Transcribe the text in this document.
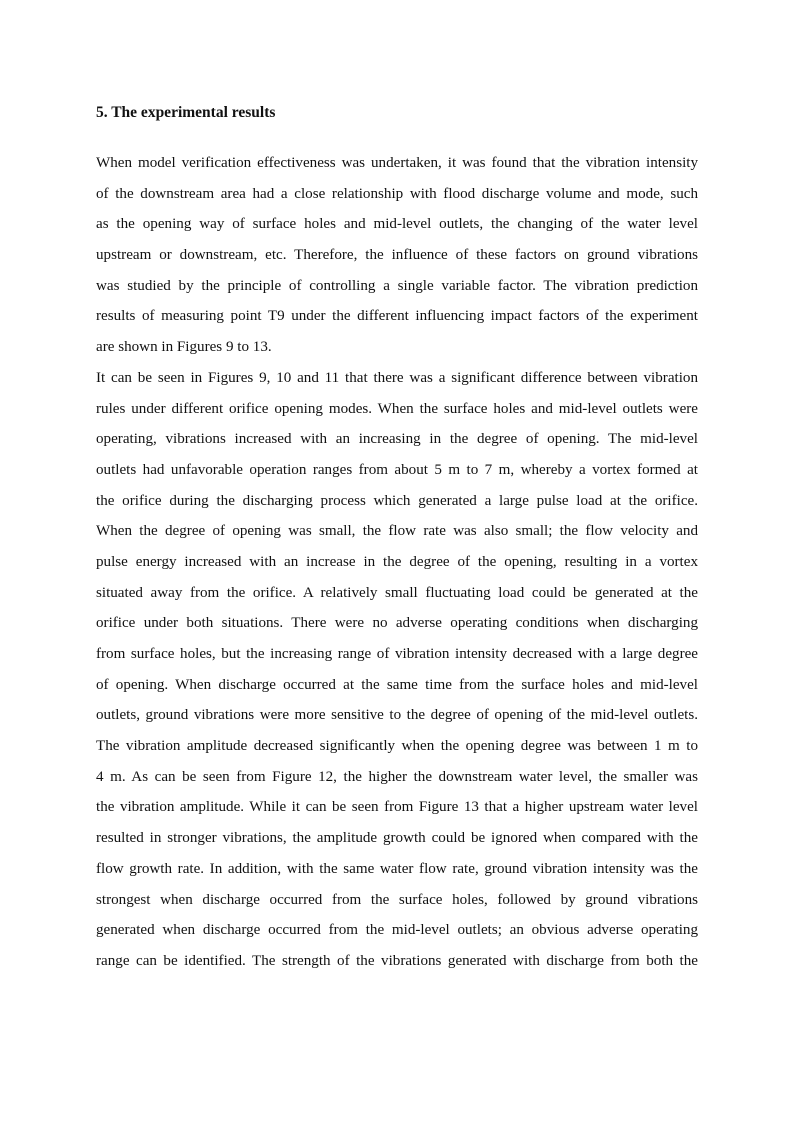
5. The experimental results
When model verification effectiveness was undertaken, it was found that the vibration intensity
of the downstream area had a close relationship with flood discharge volume and mode, such
as the opening way of surface holes and mid-level outlets, the changing of the water level
upstream or downstream, etc. Therefore, the influence of these factors on ground vibrations
was studied by the principle of controlling a single variable factor. The vibration prediction
results of measuring point T9 under the different influencing impact factors of the experiment
are shown in Figures 9 to 13.
It can be seen in Figures 9, 10 and 11 that there was a significant difference between vibration
rules under different orifice opening modes. When the surface holes and mid-level outlets were
operating, vibrations increased with an increasing in the degree of opening. The mid-level
outlets had unfavorable operation ranges from about 5 m to 7 m, whereby a vortex formed at
the orifice during the discharging process which generated a large pulse load at the orifice.
When the degree of opening was small, the flow rate was also small; the flow velocity and
pulse energy increased with an increase in the degree of the opening, resulting in a vortex
situated away from the orifice. A relatively small fluctuating load could be generated at the
orifice under both situations. There were no adverse operating conditions when discharging
from surface holes, but the increasing range of vibration intensity decreased with a large degree
of opening. When discharge occurred at the same time from the surface holes and mid-level
outlets, ground vibrations were more sensitive to the degree of opening of the mid-level outlets.
The vibration amplitude decreased significantly when the opening degree was between 1 m to
4 m. As can be seen from Figure 12, the higher the downstream water level, the smaller was
the vibration amplitude. While it can be seen from Figure 13 that a higher upstream water level
resulted in stronger vibrations, the amplitude growth could be ignored when compared with the
flow growth rate. In addition, with the same water flow rate, ground vibration intensity was the
strongest when discharge occurred from the surface holes, followed by ground vibrations
generated when discharge occurred from the mid-level outlets; an obvious adverse operating
range can be identified. The strength of the vibrations generated with discharge from both the
